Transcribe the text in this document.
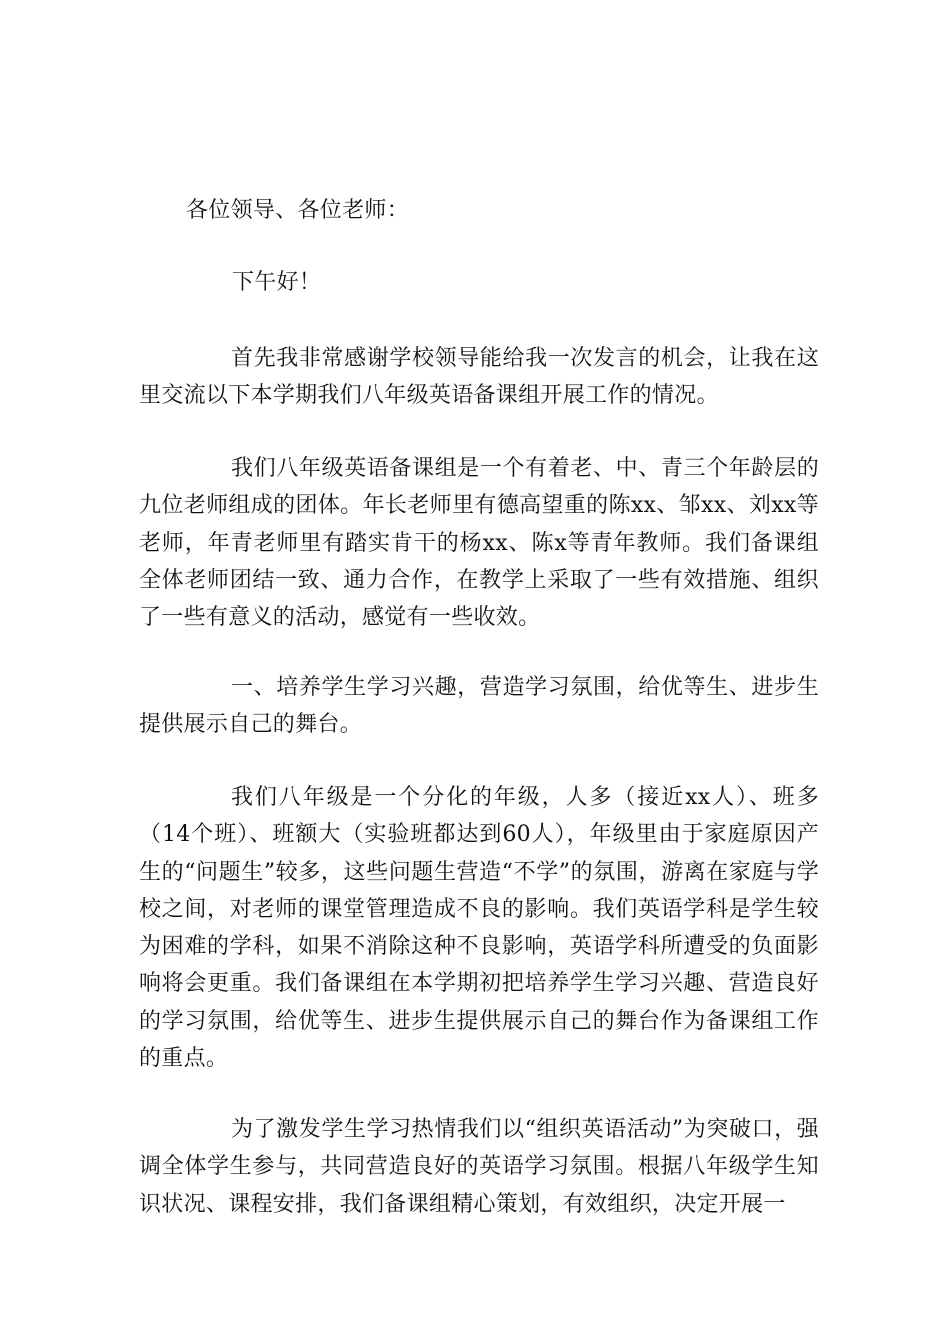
各位领导、各位老师：
下午好！

首先我非常感谢学校领导能给我一次发言的机会，让我在这里交流以下本学期我们八年级英语备课组开展工作的情况。

我们八年级英语备课组是一个有着老、中、青三个年龄层的九位老师组成的团体。年长老师里有德高望重的陈xx、邹xx、刘xx等老师，年青老师里有踏实肯干的杨xx、陈x等青年教师。我们备课组全体老师团结一致、通力合作，在教学上采取了一些有效措施、组织了一些有意义的活动，感觉有一些收效。

一、培养学生学习兴趣，营造学习氛围，给优等生、进步生提供展示自己的舞台。

我们八年级是一个分化的年级，人多（接近xx人）、班多（14个班）、班额大（实验班都达到60人），年级里由于家庭原因产生的“问题生”较多，这些问题生营造“不学”的氛围，游离在家庭与学校之间，对老师的课堂管理造成不良的影响。我们英语学科是学生较为困难的学科，如果不消除这种不良影响，英语学科所遭受的负面影响将会更重。我们备课组在本学期初把培养学生学习兴趣、营造良好的学习氛围，给优等生、进步生提供展示自己的舞台作为备课组工作的重点。

为了激发学生学习热情我们以“组织英语活动”为突破口，强调全体学生参与，共同营造良好的英语学习氛围。根据八年级学生知识状况、课程安排，我们备课组精心策划，有效组织，决定开展一
